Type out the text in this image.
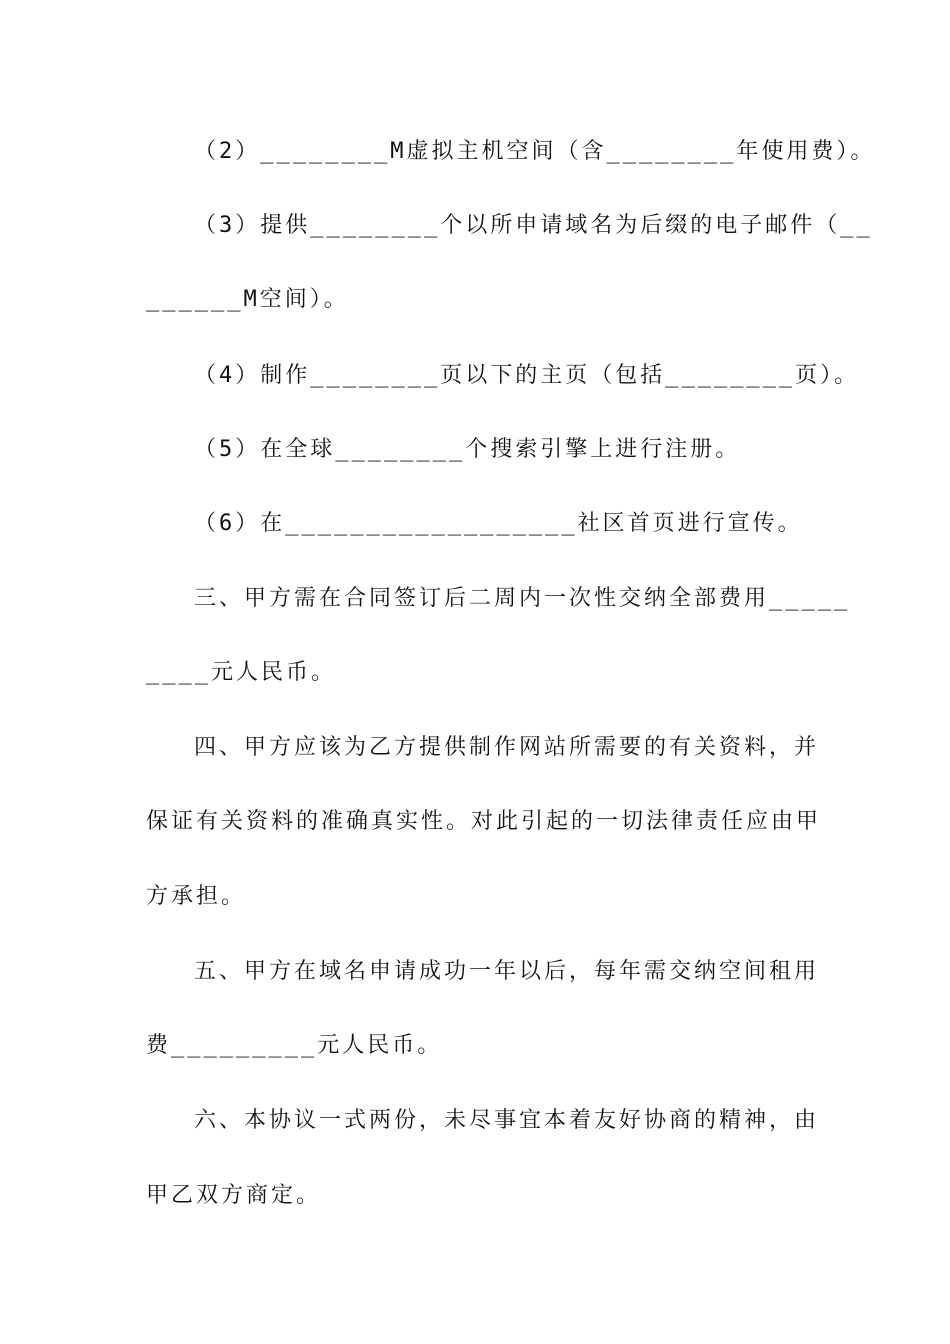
（2）________M虚拟主机空间（含________年使用费）。
（3）提供________个以所申请域名为后缀的电子邮件（__
______M空间）。
（4）制作________页以下的主页（包括________页）。
（5）在全球________个搜索引擎上进行注册。
（6）在__________________社区首页进行宣传。
三、甲方需在合同签订后二周内一次性交纳全部费用_____
____元人民币。
四、甲方应该为乙方提供制作网站所需要的有关资料，并
保证有关资料的准确真实性。对此引起的一切法律责任应由甲
方承担。
五、甲方在域名申请成功一年以后，每年需交纳空间租用
费_________元人民币。
六、本协议一式两份，未尽事宜本着友好协商的精神，由
甲乙双方商定。
